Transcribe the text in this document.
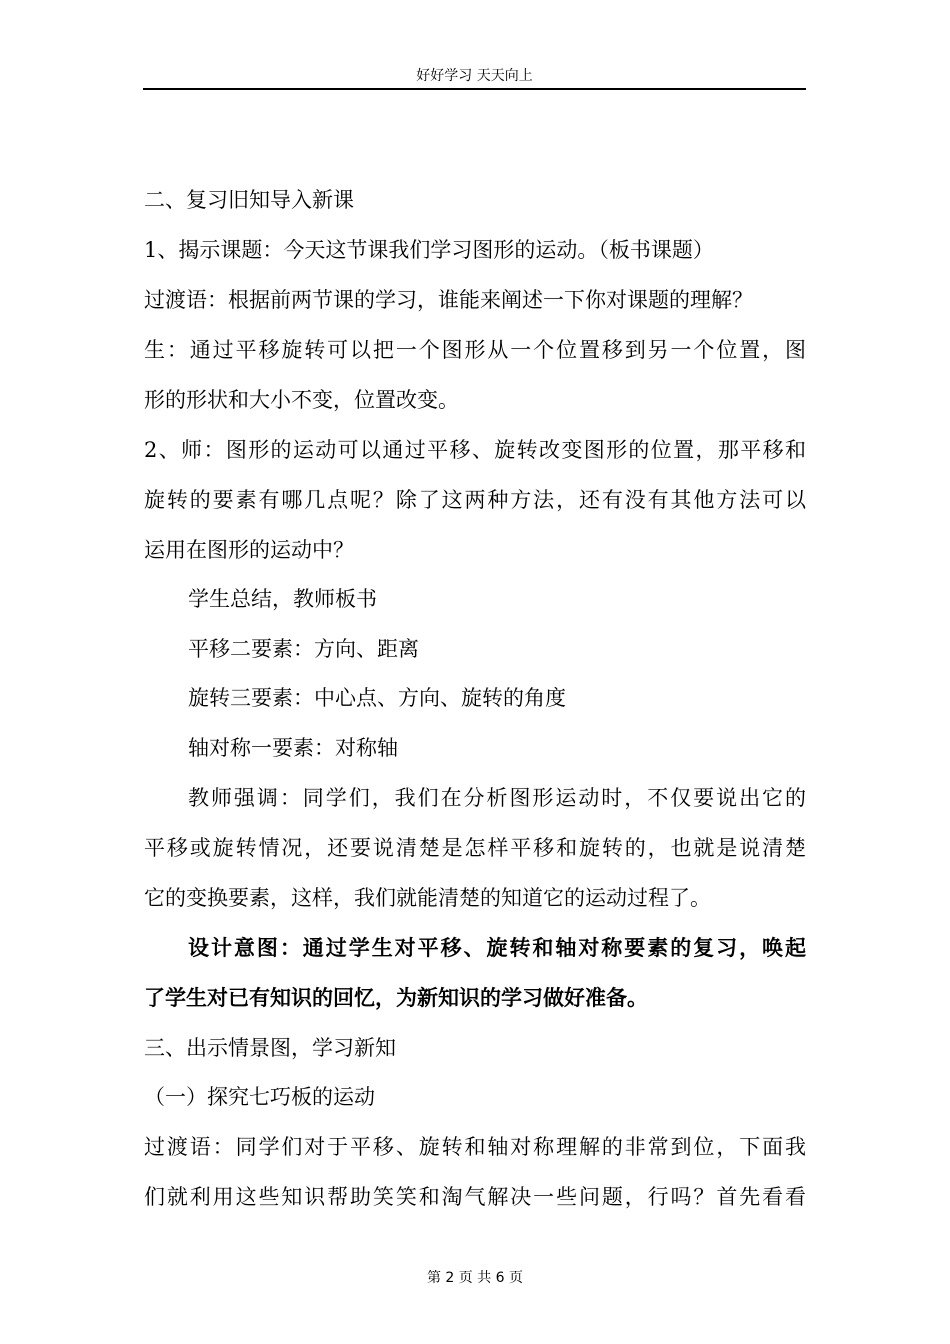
好好学习 天天向上
二、复习旧知导入新课
1、揭示课题：今天这节课我们学习图形的运动。（板书课题）
过渡语：根据前两节课的学习，谁能来阐述一下你对课题的理解？
生：通过平移旋转可以把一个图形从一个位置移到另一个位置，图
形的形状和大小不变，位置改变。
2、师：图形的运动可以通过平移、旋转改变图形的位置，那平移和
旋转的要素有哪几点呢？除了这两种方法，还有没有其他方法可以
运用在图形的运动中？
学生总结，教师板书
平移二要素：方向、距离
旋转三要素：中心点、方向、旋转的角度
轴对称一要素：对称轴
教师强调：同学们，我们在分析图形运动时，不仅要说出它的
平移或旋转情况，还要说清楚是怎样平移和旋转的，也就是说清楚
它的变换要素，这样，我们就能清楚的知道它的运动过程了。
设计意图：通过学生对平移、旋转和轴对称要素的复习，唤起
了学生对已有知识的回忆，为新知识的学习做好准备。
三、出示情景图，学习新知
（一）探究七巧板的运动
过渡语：同学们对于平移、旋转和轴对称理解的非常到位，下面我
们就利用这些知识帮助笑笑和淘气解决一些问题，行吗？首先看看
第 2 页 共 6 页
